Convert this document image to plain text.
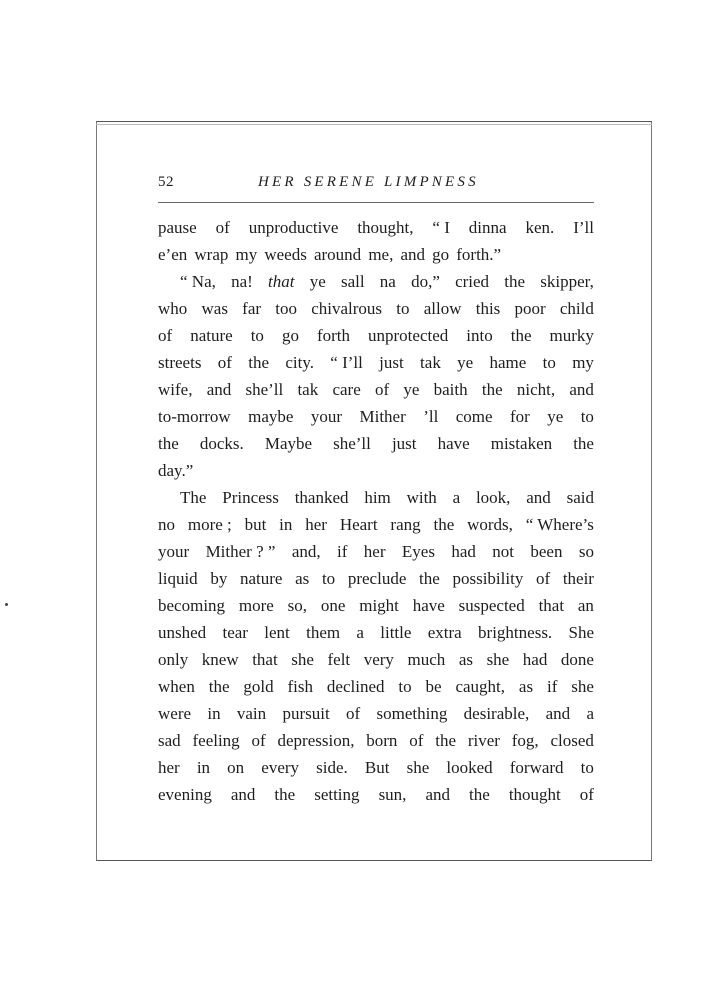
52	HER SERENE LIMPNESS
pause of unproductive thought, “ I dinna ken. I’ll
e’en wrap my weeds around me, and go forth.”
“ Na, na! that ye sall na do,” cried the skipper,
who was far too chivalrous to allow this poor child
of nature to go forth unprotected into the murky
streets of the city. “ I’ll just tak ye hame to my
wife, and she’ll tak care of ye baith the nicht, and
to-morrow maybe your Mither ’ll come for ye to
the docks. Maybe she’ll just have mistaken the
day.”
The Princess thanked him with a look, and said
no more ; but in her Heart rang the words, “ Where’s
your Mither ? ” and, if her Eyes had not been so
liquid by nature as to preclude the possibility of their
becoming more so, one might have suspected that an
unshed tear lent them a little extra brightness. She
only knew that she felt very much as she had done
when the gold fish declined to be caught, as if she
were in vain pursuit of something desirable, and a
sad feeling of depression, born of the river fog, closed
her in on every side. But she looked forward to
evening and the setting sun, and the thought of
